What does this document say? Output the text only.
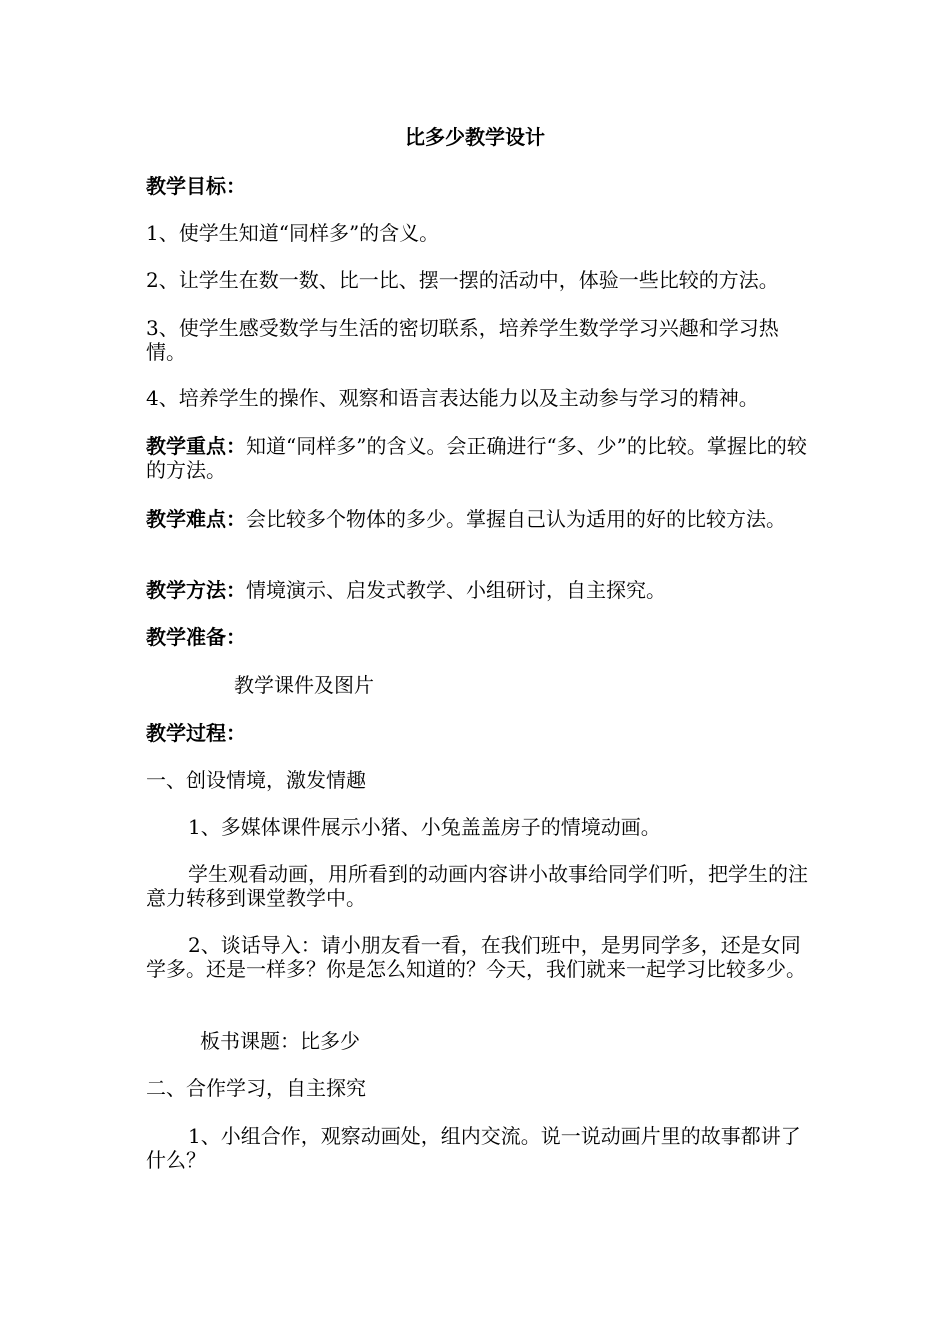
比多少教学设计
教学目标：
1、使学生知道“同样多”的含义。
2、让学生在数一数、比一比、摆一摆的活动中，体验一些比较的方法。
3、使学生感受数学与生活的密切联系，培养学生数学学习兴趣和学习热情。
4、培养学生的操作、观察和语言表达能力以及主动参与学习的精神。
教学重点：知道“同样多”的含义。会正确进行“多、少”的比较。掌握比的较的方法。
教学难点：会比较多个物体的多少。掌握自己认为适用的好的比较方法。
教学方法：情境演示、启发式教学、小组研讨，自主探究。
教学准备：
教学课件及图片
教学过程：
一、创设情境，激发情趣
1、多媒体课件展示小猪、小兔盖盖房子的情境动画。
学生观看动画，用所看到的动画内容讲小故事给同学们听，把学生的注意力转移到课堂教学中。
2、谈话导入：请小朋友看一看，在我们班中，是男同学多，还是女同学多。还是一样多？你是怎么知道的？今天，我们就来一起学习比较多少。
板书课题：比多少
二、合作学习，自主探究
1、小组合作，观察动画处，组内交流。说一说动画片里的故事都讲了什么？
